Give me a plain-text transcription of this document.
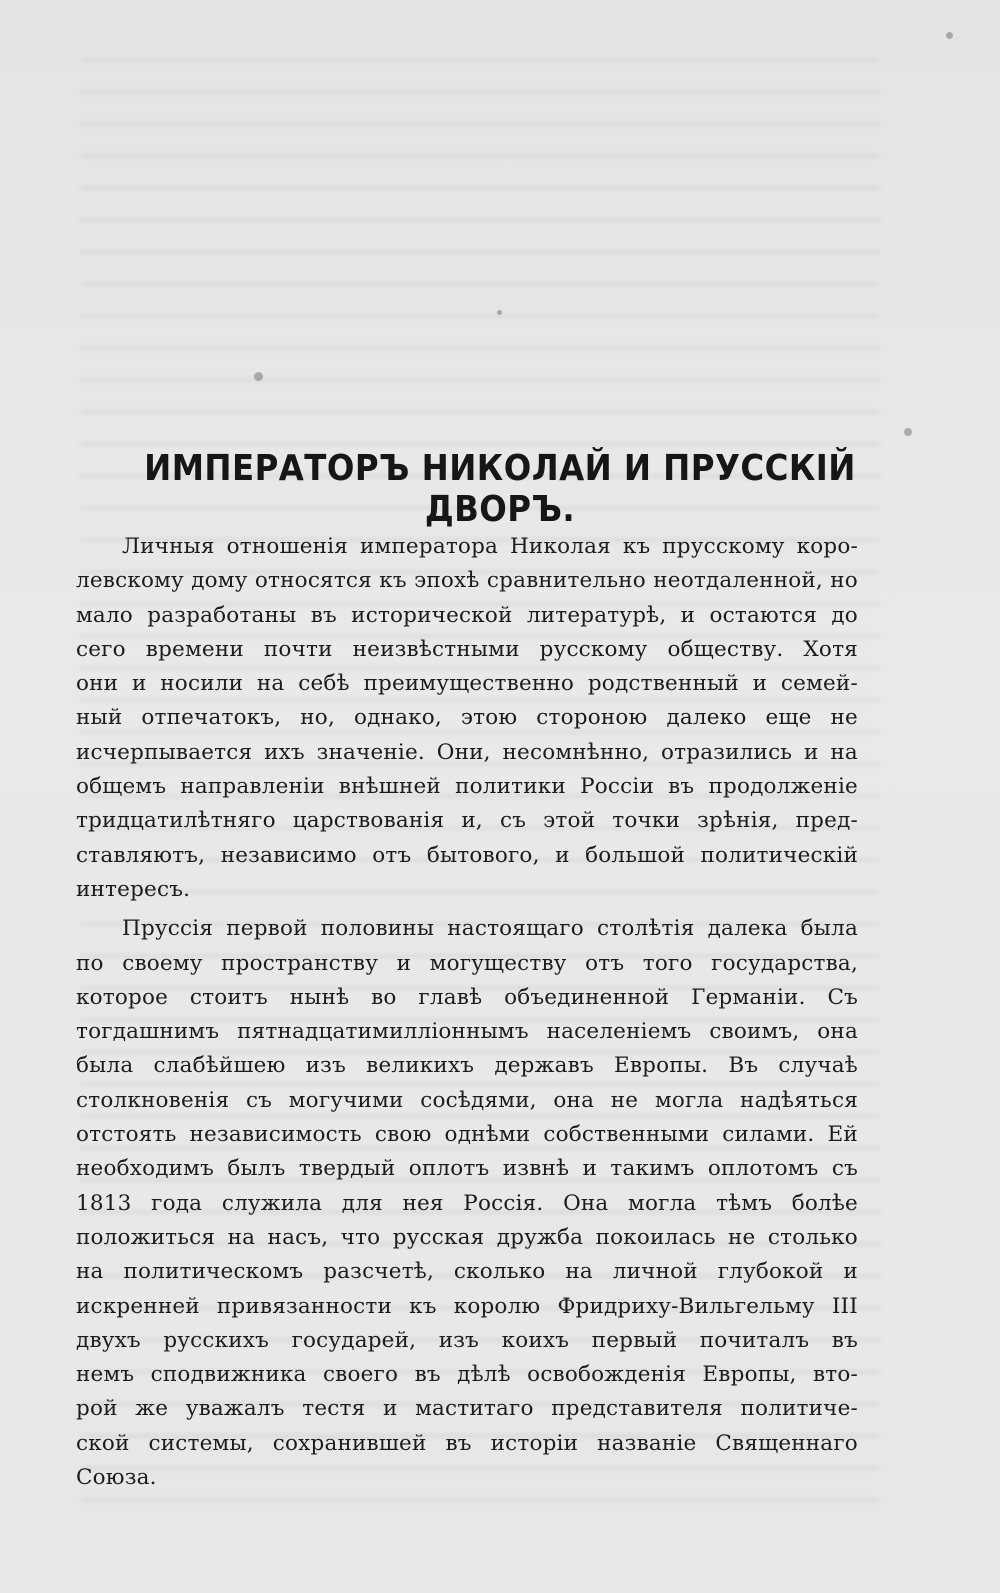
ИМПЕРАТОРЪ НИКОЛАЙ И ПРУССКІЙ ДВОРЪ.
Личныя отношенія императора Николая къ прусскому коро-
левскому дому относятся къ эпохѣ сравнительно неотдаленной, но
мало разработаны въ исторической литературѣ, и остаются до
сего времени почти неизвѣстными русскому обществу. Хотя
они и носили на себѣ преимущественно родственный и семей-
ный отпечатокъ, но, однако, этою стороною далеко еще не
исчерпывается ихъ значеніе. Они, несомнѣнно, отразились и на
общемъ направленіи внѣшней политики Россіи въ продолженіе
тридцатилѣтняго царствованія и, съ этой точки зрѣнія, пред-
ставляютъ, независимо отъ бытового, и большой политическій
интересъ.
Пруссія первой половины настоящаго столѣтія далека была
по своему пространству и могуществу отъ того государства,
которое стоитъ нынѣ во главѣ объединенной Германіи. Съ
тогдашнимъ пятнадцатимилліоннымъ населеніемъ своимъ, она
была слабѣйшею изъ великихъ державъ Европы. Въ случаѣ
столкновенія съ могучими сосѣдями, она не могла надѣяться
отстоять независимость свою однѣми собственными силами. Ей
необходимъ былъ твердый оплотъ извнѣ и такимъ оплотомъ съ
1813 года служила для нея Россія. Она могла тѣмъ болѣе
положиться на насъ, что русская дружба покоилась не столько
на политическомъ разсчетѣ, сколько на личной глубокой и
искренней привязанности къ королю Фридриху-Вильгельму III
двухъ русскихъ государей, изъ коихъ первый почиталъ въ
немъ сподвижника своего въ дѣлѣ освобожденія Европы, вто-
рой же уважалъ тестя и маститаго представителя политиче-
ской системы, сохранившей въ исторіи названіе Священнаго
Союза.
